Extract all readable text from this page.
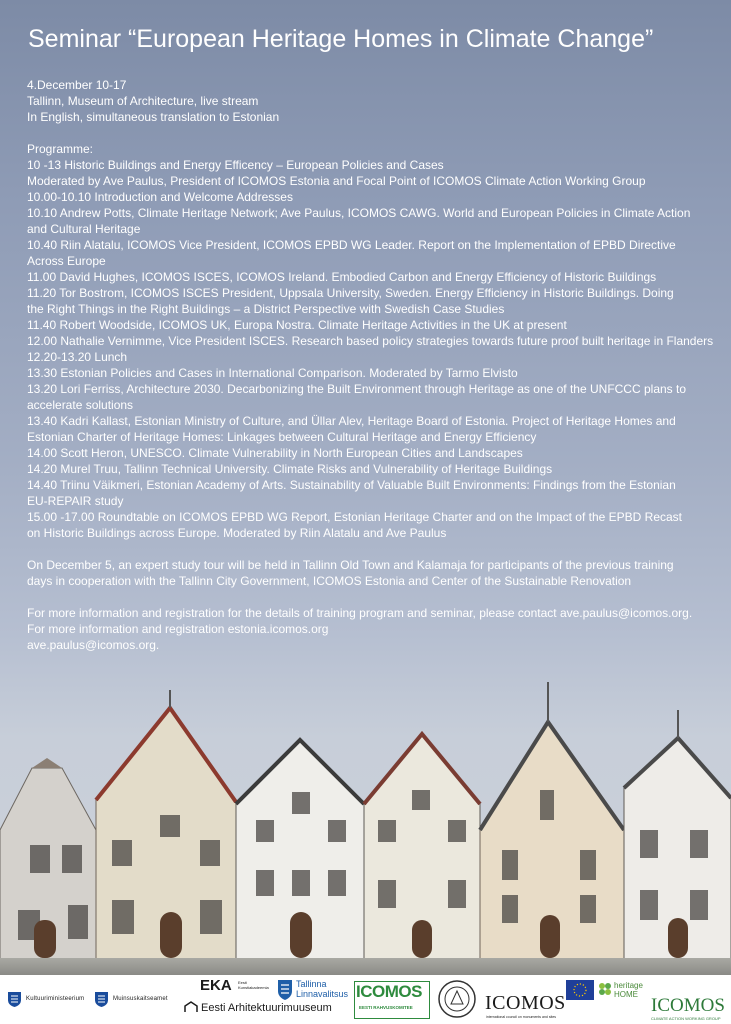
Seminar “European Heritage Homes in Climate Change”
4.December 10-17
Tallinn, Museum of Architecture, live stream
In English, simultaneous translation to Estonian
Programme:
10 -13 Historic Buildings and Energy Efficency – European Policies and Cases
Moderated by Ave Paulus, President of ICOMOS Estonia and Focal Point of ICOMOS Climate Action Working Group
10.00-10.10 Introduction and Welcome Addresses
10.10 Andrew Potts, Climate Heritage Network; Ave Paulus, ICOMOS CAWG. World and European Policies in Climate Action
and Cultural Heritage
10.40 Riin Alatalu, ICOMOS Vice President, ICOMOS EPBD WG Leader. Report on the Implementation of EPBD Directive
Across Europe
11.00 David Hughes, ICOMOS ISCES, ICOMOS Ireland. Embodied Carbon and Energy Efficiency of Historic Buildings
11.20 Tor Bostrom, ICOMOS ISCES President, Uppsala University, Sweden. Energy Efficiency in Historic Buildings. Doing
the Right Things in the Right Buildings – a District Perspective with Swedish Case Studies
11.40 Robert Woodside, ICOMOS UK, Europa Nostra. Climate Heritage Activities in the UK at present
12.00 Nathalie Vernimme, Vice President ISCES. Research based policy strategies towards future proof built heritage in Flanders
12.20-13.20 Lunch
13.30 Estonian Policies and Cases in International Comparison. Moderated by Tarmo Elvisto
13.20 Lori Ferriss, Architecture 2030. Decarbonizing the Built Environment through Heritage as one of the UNFCCC plans to
accelerate solutions
13.40 Kadri Kallast, Estonian Ministry of Culture, and Üllar Alev, Heritage Board of Estonia. Project of Heritage Homes and
Estonian Charter of Heritage Homes: Linkages between Cultural Heritage and Energy Efficiency
14.00 Scott Heron, UNESCO. Climate Vulnerability in North European Cities and Landscapes
14.20 Murel Truu, Tallinn Technical University. Climate Risks and Vulnerability of Heritage Buildings
14.40 Triinu Väikmeri, Estonian Academy of Arts. Sustainability of Valuable Built Environments: Findings from the Estonian
EU-REPAIR study
15.00 -17.00 Roundtable on ICOMOS EPBD WG Report, Estonian Heritage Charter and on the Impact of the EPBD Recast
on Historic Buildings across Europe. Moderated by Riin Alatalu and Ave Paulus
On December 5, an expert study tour will be held in Tallinn Old Town and Kalamaja for participants of the previous training
days in cooperation with the Tallinn City Government, ICOMOS Estonia and Center of the Sustainable Renovation
For more information and registration for the details of training program and seminar, please contact ave.paulus@icomos.org.
For more information and registration estonia.icomos.org
ave.paulus@icomos.org.
Kultuuriministeerium	Muinsuskaitseamet
EKA Eesti Kunstiakadeemia
Eesti Arhitektuurimuuseum
Tallinna
Linnavalitsus ICOMOS
EESTI RAHVUSKOMITEE	ICOMOS
international council on monuments and sites
heritage
HOME
ICOMOS
CLIMATE ACTION WORKING GROUP
